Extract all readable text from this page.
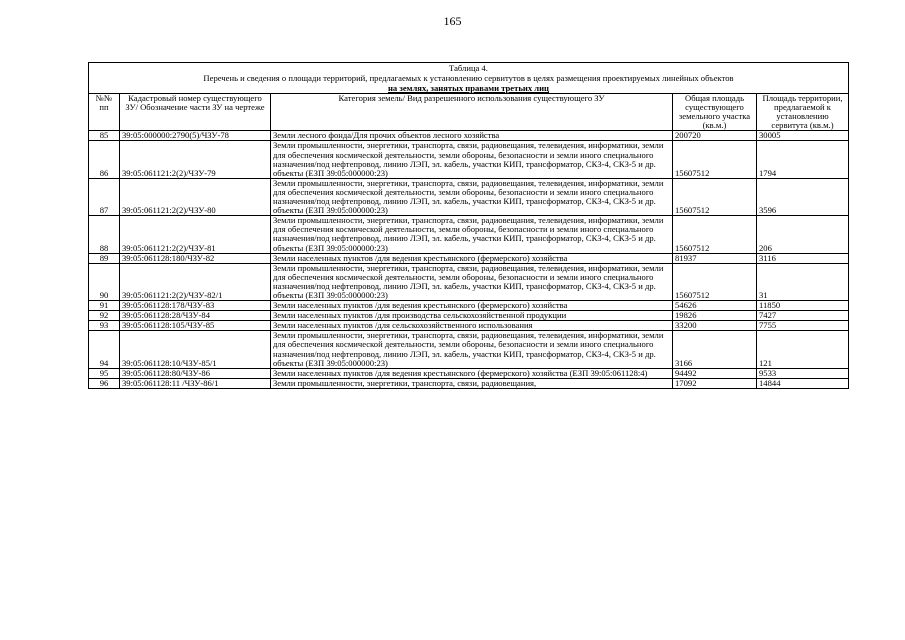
165
Таблица 4.
Перечень и сведения о площади территорий, предлагаемых к установлению сервитутов в целях размещения проектируемых линейных объектов
на землях, занятых правами третьих лиц				

№№ пп	Кадастровый номер существующего ЗУ/ Обозначение части ЗУ на чертеже	Категория земель/ Вид разрешенного использования существующего ЗУ	Общая площадь существующего земельного участка (кв.м.)	Площадь территории, предлагаемой к установлению сервитута (кв.м.)
85	39:05:000000:2790(5)/ЧЗУ-78	Земли лесного фонда/Для прочих объектов лесного хозяйства	200720	30005
86	39:05:061121:2(2)/ЧЗУ-79	Земли промышленности, энергетики, транспорта, связи, радиовещания, телевидения, информатики, земли для обеспечения космической деятельности, земли обороны, безопасности и земли иного специального назначения/под нефтепровод, линию ЛЭП, эл. кабель, участки КИП, трансформатор, СКЗ-4, СКЗ-5 и др. объекты (ЕЗП 39:05:000000:23)	15607512	1794
87	39:05:061121:2(2)/ЧЗУ-80	Земли промышленности, энергетики, транспорта, связи, радиовещания, телевидения, информатики, земли для обеспечения космической деятельности, земли обороны, безопасности и земли иного специального назначения/под нефтепровод, линию ЛЭП, эл. кабель, участки КИП, трансформатор, СКЗ-4, СКЗ-5 и др. объекты (ЕЗП 39:05:000000:23)	15607512	3596
88	39:05:061121:2(2)/ЧЗУ-81	Земли промышленности, энергетики, транспорта, связи, радиовещания, телевидения, информатики, земли для обеспечения космической деятельности, земли обороны, безопасности и земли иного специального назначения/под нефтепровод, линию ЛЭП, эл. кабель, участки КИП, трансформатор, СКЗ-4, СКЗ-5 и др. объекты (ЕЗП 39:05:000000:23)	15607512	206
89	39:05:061128:180/ЧЗУ-82	Земли населенных пунктов /для ведения крестьянского (фермерского) хозяйства	81937	3116
90	39:05:061121:2(2)/ЧЗУ-82/1	Земли промышленности, энергетики, транспорта, связи, радиовещания, телевидения, информатики, земли для обеспечения космической деятельности, земли обороны, безопасности и земли иного специального назначения/под нефтепровод, линию ЛЭП, эл. кабель, участки КИП, трансформатор, СКЗ-4, СКЗ-5 и др. объекты (ЕЗП 39:05:000000:23)	15607512	31
91	39:05:061128:178/ЧЗУ-83	Земли населенных пунктов /для ведения крестьянского (фермерского) хозяйства	54626	11850
92	39:05:061128:28/ЧЗУ-84	Земли населенных пунктов /для производства сельскохозяйственной продукции	19826	7427
93	39:05:061128:105/ЧЗУ-85	Земли населенных пунктов /для сельскохозяйственного использования	33200	7755
94	39:05:061128:10/ЧЗУ-85/1	Земли промышленности, энергетики, транспорта, связи, радиовещания, телевидения, информатики, земли для обеспечения космической деятельности, земли обороны, безопасности и земли иного специального назначения/под нефтепровод, линию ЛЭП, эл. кабель, участки КИП, трансформатор, СКЗ-4, СКЗ-5 и др. объекты (ЕЗП 39:05:000000:23)	3166	121
95	39:05:061128:80/ЧЗУ-86	Земли населенных пунктов /для ведения крестьянского (фермерского) хозяйства (ЕЗП 39:05:061128:4)	94492	9533
96	39:05:061128:11 /ЧЗУ-86/1	Земли промышленности, энергетики, транспорта, связи, радиовещания,	17092	14844
